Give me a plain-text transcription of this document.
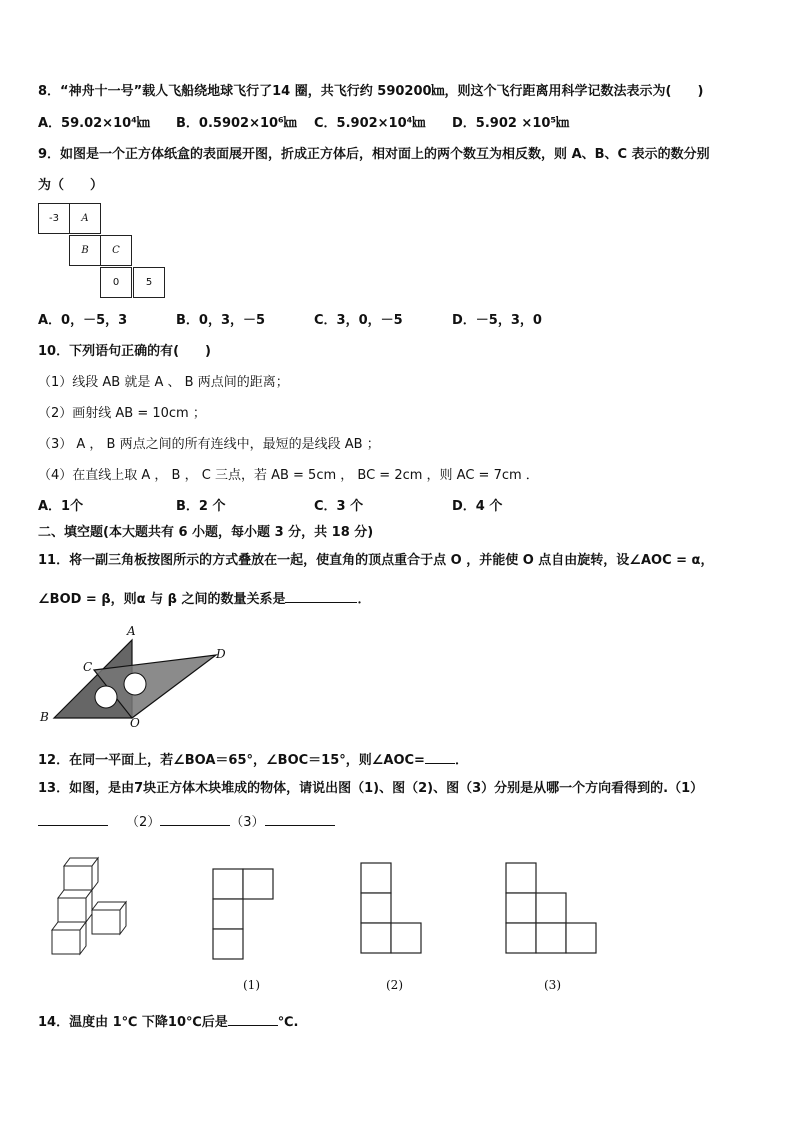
8．“神舟十一号”载人飞船绕地球飞行了14 圈，共飞行约 590200㎞，则这个飞行距离用科学记数法表示为(　　)
A．59.02×10⁴㎞ B．0.5902×10⁶㎞ C．5.902×10⁴㎞ D．5.902 ×10⁵㎞
9．如图是一个正方体纸盒的表面展开图，折成正方体后，相对面上的两个数互为相反数，则 A、B、C 表示的数分别
为（　　）
-3	A
B	C
0	5
A．0，－5，3	B．0，3，－5	C．3，0，－5	D．－5，3，0
10．下列语句正确的有(　　)
（1）线段 AB 就是 A 、 B 两点间的距离；
（2）画射线 AB = 10cm ；
（3） A ， B 两点之间的所有连线中，最短的是线段 AB ；
（4）在直线上取 A ， B ， C 三点，若 AB = 5cm ， BC = 2cm ，则 AC = 7cm ．
A．1个	B．2 个	C．3 个	D．4 个
二、填空题(本大题共有 6 小题，每小题 3 分，共 18 分)
11．将一副三角板按图所示的方式叠放在一起，使直角的顶点重合于点 O ，并能使 O 点自由旋转，设∠AOC = α，
∠BOD = β，则α 与 β 之间的数量关系是	．
A
C
D
B	O
12．在同一平面上，若∠BOA＝65°，∠BOC＝15°，则∠AOC= ．
13．如图，是由7块正方体木块堆成的物体，请说出图（1)、图（2)、图（3）分别是从哪一个方向看得到的.（1）
（2）	（3）
(1)	(2)	(3)
14．温度由 1℃ 下降10℃后是	℃.
